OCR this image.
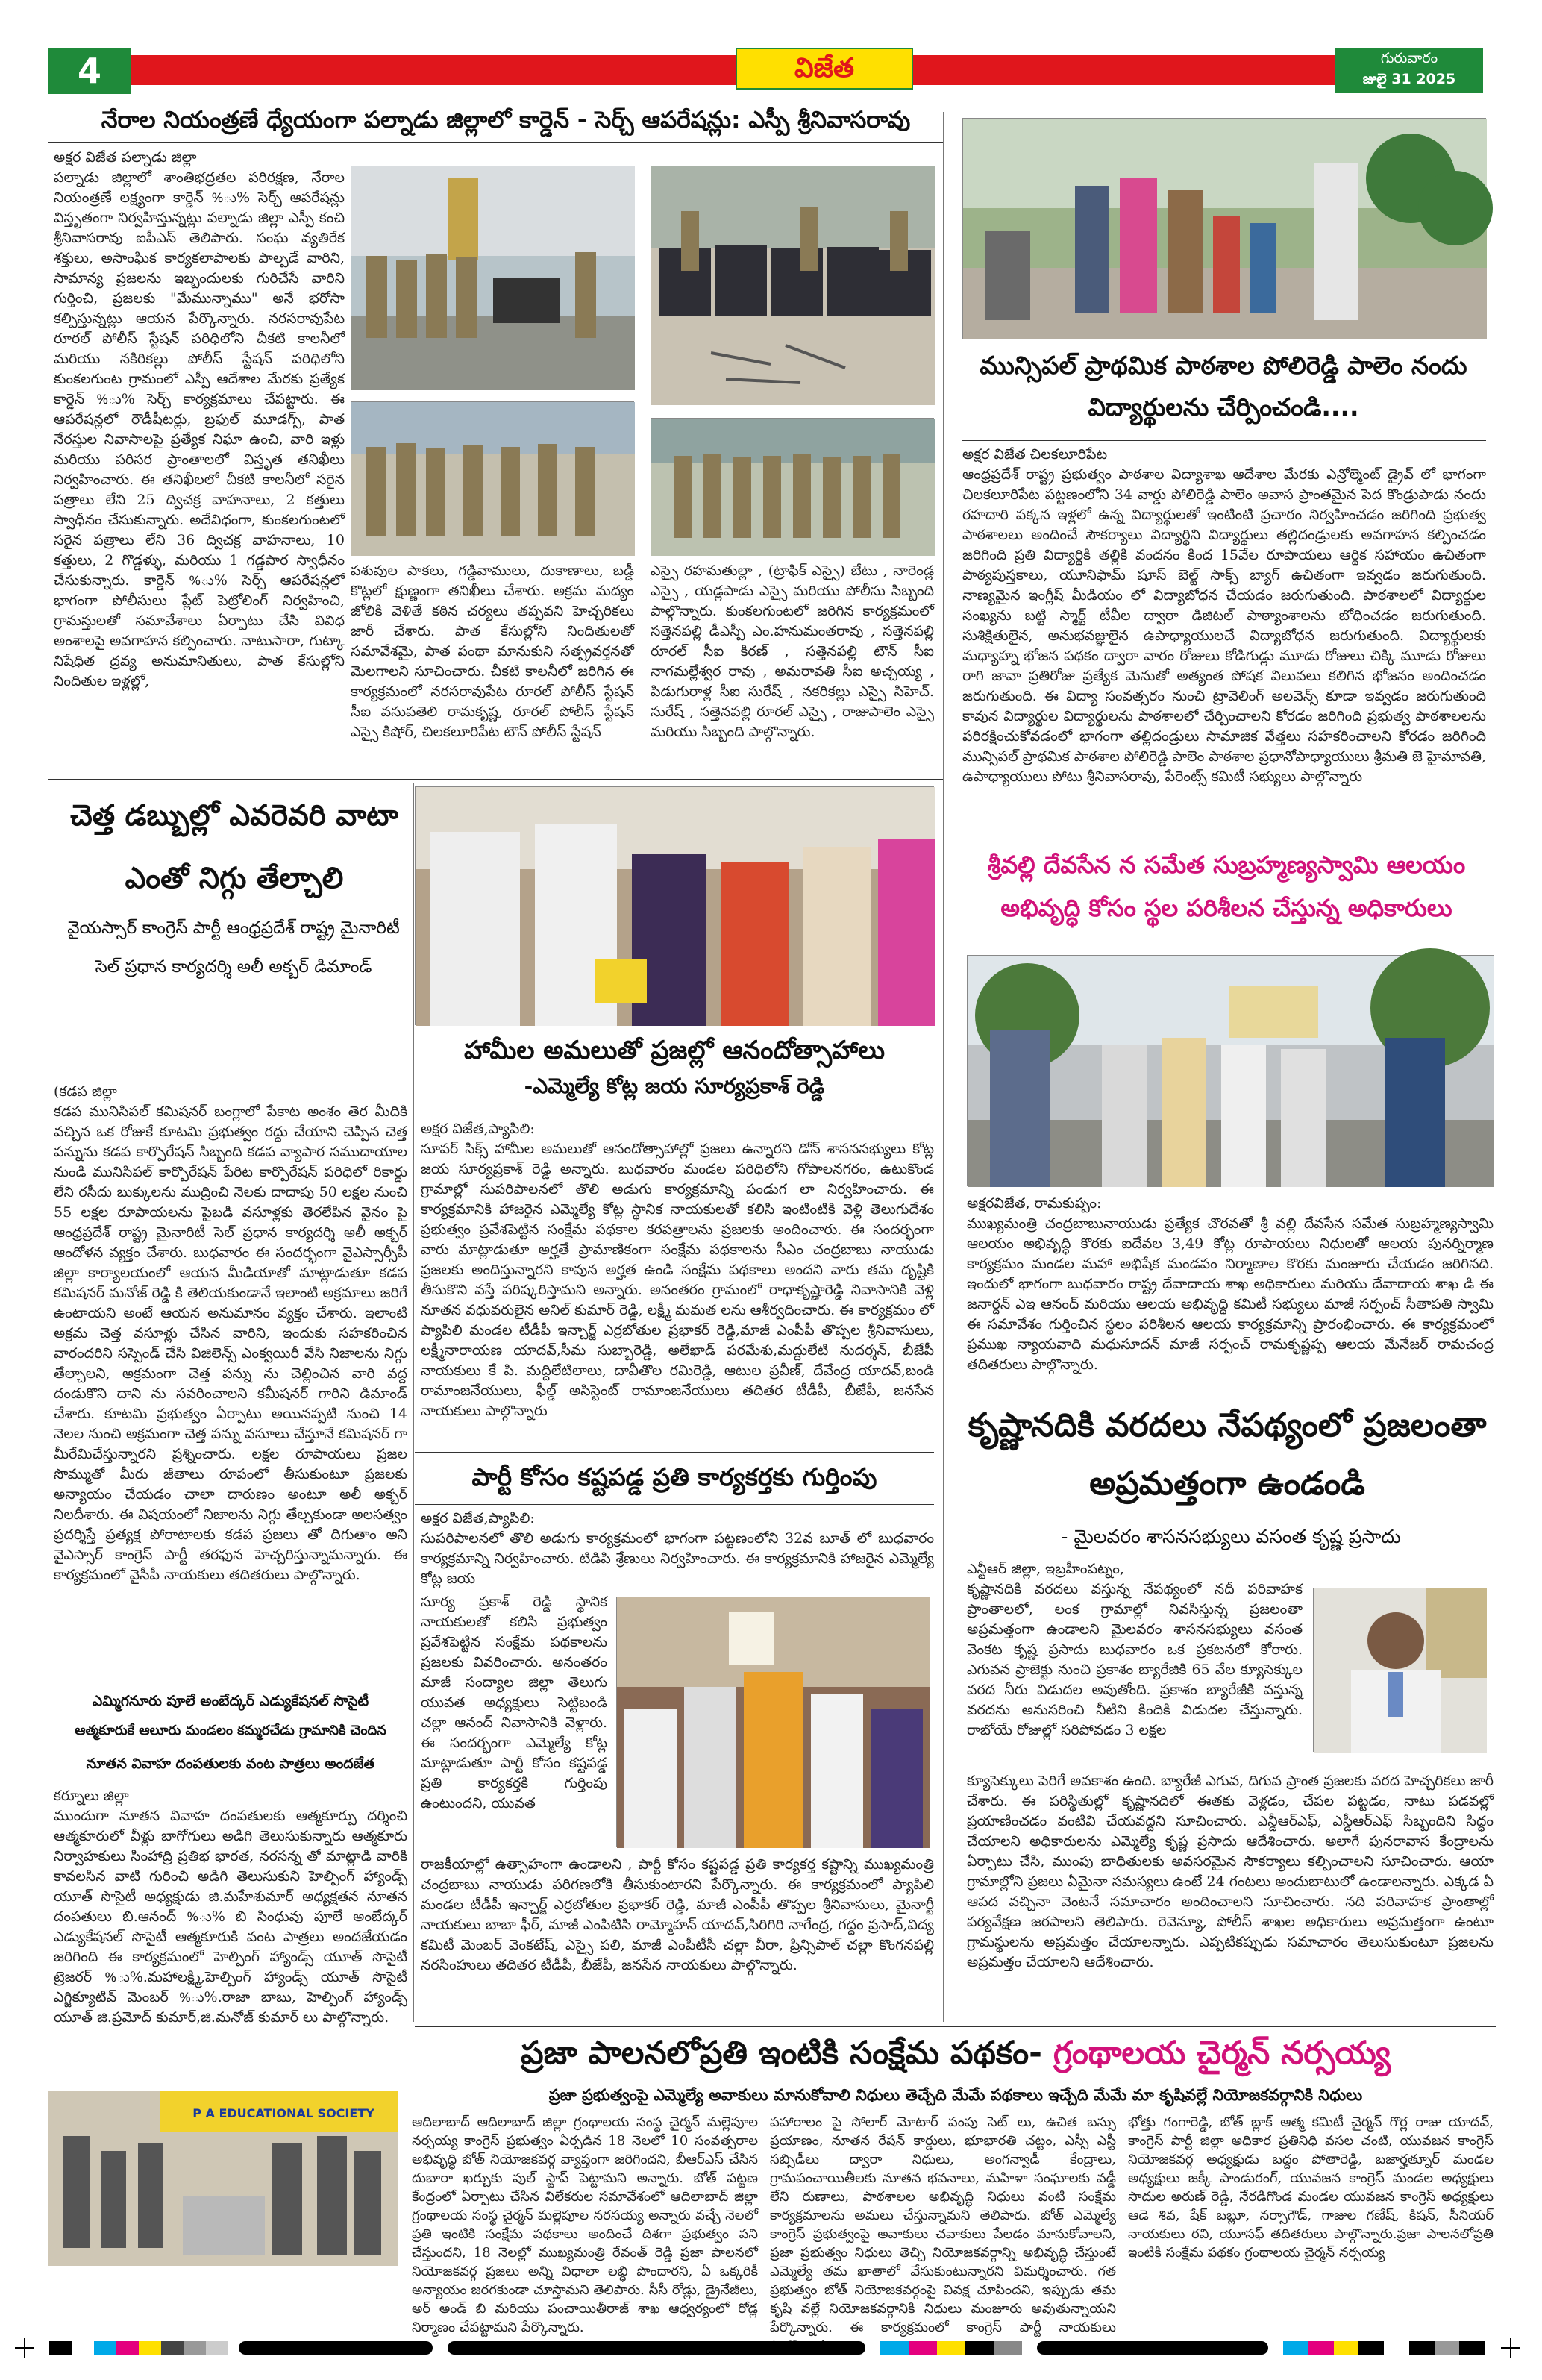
4	విజేత	గురువారం
జులై 31 2025
నేరాల నియంత్రణే ధ్యేయంగా పల్నాడు జిల్లాలో కార్డెన్ - సెర్చ్ ఆపరేషన్లు: ఎస్పీ శ్రీనివాసరావు
అక్షర విజేత పల్నాడు జిల్లా
పల్నాడు జిల్లాలో శాంతిభద్రతల పరిరక్షణ, నేరాల నియంత్రణే లక్ష్యంగా కార్డెన్ %ు% సెర్చ్ ఆపరేషన్లు విస్తృతంగా నిర్వహిస్తున్నట్లు పల్నాడు జిల్లా ఎస్పీ కంచి శ్రీనివాసరావు ఐపీఎస్ తెలిపారు. సంఘ వ్యతిరేక శక్తులు, అసాంఘిక కార్యకలాపాలకు పాల్పడే వారిని, సామాన్య ప్రజలను ఇబ్బందులకు గురిచేసే వారిని గుర్తించి, ప్రజలకు "మేమున్నాము" అనే భరోసా కల్పిస్తున్నట్లు ఆయన పేర్కొన్నారు. నరసరావుపేట రూరల్ పోలీస్ స్టేషన్ పరిధిలోని చీకటి కాలనీలో మరియు నకిరికల్లు పోలీస్ స్టేషన్ పరిధిలోని కుంకలగుంట గ్రామంలో ఎస్పీ ఆదేశాల మేరకు ప్రత్యేక కార్డెన్ %ు% సెర్చ్ కార్యక్రమాలు చేపట్టారు. ఈ ఆపరేషన్లలో రౌడీషీటర్లు, బ్రఫుల్ మూడగ్స్, పాత నేరస్తుల నివాసాలపై ప్రత్యేక నిఘా ఉంచి, వారి ఇళ్లు మరియు పరిసర ప్రాంతాలలో విస్తృత తనిఖీలు నిర్వహించారు. ఈ తనిఖీలలో చీకటి కాలనీలో సరైన పత్రాలు లేని 25 ద్విచక్ర వాహనాలు, 2 కత్తులు స్వాధీనం చేసుకున్నారు. అదేవిధంగా, కుంకలగుంటలో సరైన పత్రాలు లేని 36 ద్విచక్ర వాహనాలు, 10 కత్తులు, 2 గొడ్డళ్ళు, మరియు 1 గడ్డపార స్వాధీనం చేసుకున్నారు. కార్డెన్ %ు% సెర్చ్ ఆపరేషన్లలో భాగంగా పోలీసులు ప్లేట్ పెట్రోలింగ్ నిర్వహించి, గ్రామస్తులతో సమావేశాలు ఏర్పాటు చేసి వివిధ అంశాలపై అవగాహన కల్పించారు. నాటుసారా, గుట్కా నిషేధిత ద్రవ్య అనుమానితులు, పాత కేసుల్లోని నిందితుల ఇళ్లల్లో,
పశువుల పాకలు, గడ్డివాములు, దుకాణాలు, బడ్డీ కొట్లలో క్షుణ్ణంగా తనిఖీలు చేశారు. అక్రమ మద్యం జోలికి వెళితే కఠిన చర్యలు తప్పవని హెచ్చరికలు జారీ చేశారు. పాత కేసుల్లోని నిందితులతో సమావేశమై, పాత పంథా మానుకుని సత్ప్రవర్తనతో మెలగాలని సూచించారు. చీకటి కాలనీలో జరిగిన ఈ కార్యక్రమంలో నరసరావుపేట రూరల్ పోలీస్ స్టేషన్ సీఐ వసుపతెలి రామకృష్ణ, రూరల్ పోలీస్ స్టేషన్ ఎస్సై కిషోర్, చిలకలూరిపేట టౌన్ పోలీస్ స్టేషన్
ఎస్సై రహమతుల్లా , (ట్రాఫిక్ ఎస్సై) బేటు , నారెండ్ల ఎస్సై , యడ్లపాడు ఎస్సై మరియు పోలీసు సిబ్బంది పాల్గొన్నారు. కుంకలగుంటలో జరిగిన కార్యక్రమంలో సత్తెనపల్లి డీఎస్పీ ఎం.హనుమంతరావు , సత్తెనపల్లి రూరల్ సీఐ కిరణ్ , సత్తెనపల్లి టౌన్ సీఐ నాగమల్లేశ్వర రావు , అమరావతి సీఐ అచ్చయ్య , పిడుగురాళ్ల సీఐ సురేష్ , నకరికల్లు ఎస్సై సిహెచ్. సురేష్ , సత్తెనపల్లి రూరల్ ఎస్సై , రాజుపాలెం ఎస్సై మరియు సిబ్బంది పాల్గొన్నారు.
మున్సిపల్ ప్రాథమిక పాఠశాల పోలిరెడ్డి పాలెం నందు విద్యార్థులను చేర్పించండి....
అక్షర విజేత చిలకలూరిపేట
ఆంధ్రప్రదేశ్ రాష్ట్ర ప్రభుత్వం పాఠశాల విద్యాశాఖ ఆదేశాల మేరకు ఎన్రోల్మెంట్ డ్రైవ్ లో భాగంగా చిలకలూరిపేట పట్టణంలోని 34 వార్డు పోలిరెడ్డి పాలెం అవాస ప్రాంతమైన పెద కొండ్రుపాడు నందు రహదారి పక్కన ఇళ్లలో ఉన్న విద్యార్థులతో ఇంటింటి ప్రచారం నిర్వహించడం జరిగింది ప్రభుత్వ పాఠశాలలు అందించే సౌకర్యాలు విద్యార్థిని విద్యార్థులు తల్లిదండ్రులకు అవగాహన కల్పించడం జరిగింది ప్రతి విద్యార్థికి తల్లికి వందనం కింద 15వేల రూపాయలు ఆర్థిక సహాయం ఉచితంగా పాఠ్యపుస్తకాలు, యూనిఫామ్ షూస్ బెల్ట్ సాక్స్ బ్యాగ్ ఉచితంగా ఇవ్వడం జరుగుతుంది. నాణ్యమైన ఇంగ్లీష్ మీడియం లో విద్యాబోధన చేయడం జరుగుతుంది. పాఠశాలలో విద్యార్థుల సంఖ్యను బట్టి స్మార్ట్ టీవీల ద్వారా డిజిటల్ పాఠ్యాంశాలను బోధించడం జరుగుతుంది. సుశిక్షితులైన, అనుభవజ్ఞులైన ఉపాధ్యాయులచే విద్యాబోధన జరుగుతుంది. విద్యార్థులకు మధ్యాహ్న భోజన పథకం ద్వారా వారం రోజులు కోడిగుడ్లు మూడు రోజులు చిక్కి మూడు రోజులు రాగి జావా ప్రతిరోజు ప్రత్యేక మెనుతో అత్యంత పోషక విలువలు కలిగిన భోజనం అందించడం జరుగుతుంది. ఈ విద్యా సంవత్సరం నుంచి ట్రావెలింగ్ అలవెన్స్ కూడా ఇవ్వడం జరుగుతుంది కావున విద్యార్థుల విద్యార్థులను పాఠశాలలో చేర్పించాలని కోరడం జరిగింది ప్రభుత్వ పాఠశాలలను పరిరక్షించుకోవడంలో భాగంగా తల్లిదండ్రులు సామాజిక వేత్తలు సహకరించాలని కోరడం జరిగింది మున్సిపల్ ప్రాథమిక పాఠశాల పోలిరెడ్డి పాలెం పాఠశాల ప్రధానోపాధ్యాయులు శ్రీమతి జె హైమావతి, ఉపాధ్యాయులు పోటు శ్రీనివాసరావు, పేరెంట్స్ కమిటీ సభ్యులు పాల్గొన్నారు
చెత్త డబ్బుల్లో ఎవరెవరి వాటా ఎంతో నిగ్గు తేల్చాలి
వైయస్సార్ కాంగ్రెస్ పార్టీ ఆంధ్రప్రదేశ్ రాష్ట్ర మైనారిటీ సెల్ ప్రధాన కార్యదర్శి అలీ అక్బర్ డిమాండ్
(కడప జిల్లా
కడప మునిసిపల్ కమిషనర్ బంగ్లాలో పేకాట అంశం తెర మీదికి వచ్చిన ఒక రోజుకే కూటమి ప్రభుత్వం రద్దు చేయాని చెప్పిన చెత్త పన్నును కడప కార్పొరేషన్ సిబ్బంది కడప వ్యాపార సముదాయాల నుండి మునిసిపల్ కార్పొరేషన్ పేరిట కార్పొరేషన్ పరిధిలో రికార్డు లేని రసీదు బుక్కులను ముద్రించి నెలకు దాదాపు 50 లక్షల నుంచి 55 లక్షల రూపాయలను పైబడి వసూళ్లకు తెరలేపిన వైనం పై ఆంధ్రప్రదేశ్ రాష్ట్ర మైనారిటీ సెల్ ప్రధాన కార్యదర్శి అలీ అక్బర్ ఆందోళన వ్యక్తం చేశారు. బుధవారం ఈ సందర్భంగా వైఎస్సార్సీపీ జిల్లా కార్యాలయంలో ఆయన మీడియాతో మాట్లాడుతూ కడప కమిషనర్ మనోజ్ రెడ్డి కి తెలియకుండానే ఇలాంటి అక్రమాలు జరిగే ఉంటాయని అంటే ఆయన అనుమానం వ్యక్తం చేశారు. ఇలాంటి అక్రమ చెత్త వసూళ్లు చేసిన వారిని, ఇందుకు సహకరించిన వారందరిని సస్పెండ్ చేసి విజిలెన్స్ ఎంక్వయిరీ వేసి నిజాలను నిగ్గు తేల్చాలని, అక్రమంగా చెత్త పన్ను ను చెల్లించిన వారి వద్ద దండుకొని దాని ను సవరించాలని కమీషనర్ గారిని డిమాండ్ చేశారు. కూటమి ప్రభుత్వం ఏర్పాటు అయినప్పటి నుంచి 14 నెలల నుంచి అక్రమంగా చెత్త పన్ను వసూలు చేస్తూనే కమిషనర్ గా మీరేమిచేస్తున్నారని ప్రశ్నించారు. లక్షల రూపాయలు ప్రజల సొమ్ముతో మీరు జీతాలు రూపంలో తీసుకుంటూ ప్రజలకు అన్యాయం చేయడం చాలా దారుణం అంటూ అలీ అక్బర్ నిలదీశారు. ఈ విషయంలో నిజాలను నిగ్గు తేల్చకుండా అలసత్వం ప్రదర్శిస్తే ప్రత్యక్ష పోరాటాలకు కడప ప్రజలు తో దిగుతాం అని వైఎస్సార్ కాంగ్రెస్ పార్టీ తరఫున హెచ్చరిస్తున్నామన్నారు. ఈ కార్యక్రమంలో వైసీపీ నాయకులు తదితరులు పాల్గొన్నారు.
ఎమ్మిగనూరు పూలే అంబేద్కర్ ఎడ్యుకేషనల్ సొసైటీ
ఆత్మకూరుకే ఆలూరు మండలం కమ్మరచేడు గ్రామానికి చెందిన
నూతన వివాహ దంపతులకు వంట పాత్రలు అందజేత
కర్నూలు జిల్లా
ముందుగా నూతన వివాహ దంపతులకు ఆత్మకూర్పు దర్శించి ఆత్మకూరులో వీళ్లు బాగోగులు అడిగి తెలుసుకున్నారు ఆత్మకూరు నిర్వాహకులు సింహాద్రి ప్రతిభ భారత, నరసన్న తో మాట్లాడి వారికి కావలసిన వాటి గురించి అడిగి తెలుసుకుని హెల్పింగ్ హ్యాండ్స్ యూత్ సొసైటీ అధ్యక్షుడు జి.మహేశుమార్ అధ్యక్షతన నూతన దంపతులు బి.ఆనంద్ %ు% బి సింధువు పూలే అంబేద్కర్ ఎడ్యుకేషనల్ సొసైటీ ఆత్మకూరుకి వంట పాత్రలు అందజేయడం జరిగింది ఈ కార్యక్రమంలో హెల్పింగ్ హ్యాండ్స్ యూత్ సొసైటీ ట్రెజరర్ %ు%.మహాలక్ష్మి,హెల్పింగ్ హ్యాండ్స్ యూత్ సొసైటీ ఎగ్జిక్యూటివ్ మెంబర్ %ు%.రాజా బాబు, హెల్పింగ్ హ్యాండ్స్ యూత్ జి.ప్రమోద్ కుమార్,జి.మనోజ్ కుమార్ లు పాల్గొన్నారు.
P A EDUCATIONAL SOCIETY
హామీల అమలుతో ప్రజల్లో ఆనందోత్సాహాలు
-ఎమ్మెల్యే కోట్ల జయ సూర్యప్రకాశ్ రెడ్డి
అక్షర విజేత,ప్యాపిలి:
సూపర్ సిక్స్ హామీల అమలుతో ఆనందోత్సాహాల్లో ప్రజలు ఉన్నారని డోన్ శాసనసభ్యులు కోట్ల జయ సూర్యప్రకాశ్ రెడ్డి అన్నారు. బుధవారం మండల పరిధిలోని గోపాలనగరం, ఉటుకొండ గ్రామాల్లో సుపరిపాలనలో తొలి అడుగు కార్యక్రమాన్ని పండుగ లా నిర్వహించారు. ఈ కార్యక్రమానికి హాజరైన ఎమ్మెల్యే కోట్ల స్థానిక నాయకులతో కలిసి ఇంటింటికి వెళ్లి తెలుగుదేశం ప్రభుత్వం ప్రవేశపెట్టిన సంక్షేమ పథకాల కరపత్రాలను ప్రజలకు అందించారు. ఈ సందర్భంగా వారు మాట్లాడుతూ అర్హతే ప్రామాణికంగా సంక్షేమ పథకాలను సీఎం చంద్రబాబు నాయుడు ప్రజలకు అందిస్తున్నారని కావున అర్హత ఉండి సంక్షేమ పథకాలు అందని వారు తమ దృష్టికి తీసుకొని వస్తే పరిష్కరిస్తామని అన్నారు. అనంతరం గ్రామంలో రాధాకృష్ణారెడ్డి నివాసానికి వెళ్లి నూతన వధువరులైన అనిల్ కుమార్ రెడ్డి, లక్ష్మీ మమత లను ఆశీర్వదించారు. ఈ కార్యక్రమం లో ప్యాపిలి మండల టీడీపీ ఇన్చార్జ్ ఎర్రబోతుల ప్రభాకర్ రెడ్డి,మాజీ ఎంపీపీ తొప్పల శ్రీనివాసులు, లక్ష్మీనారాయణ యాదవ్,సీమ సుబ్బారెడ్డి, అలేఖాడ్ పరమేశు,మద్దులేటి నుదర్శన్, బీజేపీ నాయకులు కే పి. మద్దిలేటిలాలు, దావీతొల రమిరెడ్డి, ఆటుల ప్రవీణ్, దేవేంద్ర యాదవ్,బండి రామాంజనేయులు, ఫీల్డ్ అసిస్టెంట్ రామాంజనేయులు తదితర టీడీపీ, బీజేపీ, జనసేన నాయకులు పాల్గొన్నారు
పార్టీ కోసం కష్టపడ్డ ప్రతి కార్యకర్తకు గుర్తింపు
అక్షర విజేత,ప్యాపిలి:
సుపరిపాలనలో తొలి అడుగు కార్యక్రమంలో భాగంగా పట్టణంలోని 32వ బూత్ లో బుధవారం కార్యక్రమాన్ని నిర్వహించారు. టిడిపి శ్రేణులు నిర్వహించారు. ఈ కార్యక్రమానికి హాజరైన ఎమ్మెల్యే కోట్ల జయ
సూర్య ప్రకాశ్ రెడ్డి స్థానిక నాయకులతో కలిసి ప్రభుత్వం ప్రవేశపెట్టిన సంక్షేమ పథకాలను ప్రజలకు వివరించారు. అనంతరం మాజీ సంద్యాల జిల్లా తెలుగు యువత అధ్యక్షులు సెట్టిబండి చల్లా ఆనంద్ నివాసానికి వెళ్లారు. ఈ సందర్భంగా ఎమ్మెల్యే కోట్ల మాట్లాడుతూ పార్టీ కోసం కష్టపడ్డ ప్రతి కార్యకర్తకి గుర్తింపు ఉంటుందని, యువత
రాజకీయాల్లో ఉత్సాహంగా ఉండాలని , పార్టీ కోసం కష్టపడ్డ ప్రతి కార్యకర్త కష్టాన్ని ముఖ్యమంత్రి చంద్రబాబు నాయుడు పరిగణలోకి తీసుకుంటారని పేర్కొన్నారు. ఈ కార్యక్రమంలో ప్యాపిలి మండల టీడీపీ ఇన్చార్జ్ ఎర్రబోతుల ప్రభాకర్ రెడ్డి, మాజీ ఎంపీపీ తొప్పల శ్రీనివాసులు, మైనార్టీ నాయకులు బాబా ఫీర్, మాజీ ఎంపిటిసి రామ్మోహన్ యాదవ్,సిరిగిరి నాగేంద్ర, గద్దం ప్రసాద్,విద్య కమిటీ మెంబర్ వెంకటేష్, ఎస్సై పలి, మాజీ ఎంపీటీసీ చల్లా వీరా, ప్రిన్సిపాల్ చల్లా కొంగనపల్లి నరసింహులు తదితర టీడీపీ, బీజేపీ, జనసేన నాయకులు పాల్గొన్నారు.
శ్రీవల్లి దేవసేన న సమేత సుబ్రహ్మణ్యస్వామి ఆలయం అభివృద్ధి కోసం స్థల పరిశీలన చేస్తున్న అధికారులు
అక్షరవిజేత, రామకుప్పం:
ముఖ్యమంత్రి చంద్రబాబునాయుడు ప్రత్యేక చొరవతో శ్రీ వల్లి దేవసేన సమేత సుబ్రహ్మణ్యస్వామి ఆలయం అభివృద్ధి కొరకు ఐదేవల 3,49 కోట్ల రూపాయలు నిధులతో ఆలయ పునర్నిర్మాణ కార్యక్రమం మండల మహా అభిషేక మండపం నిర్మాణాల కొరకు మంజూరు చేయడం జరిగినది. ఇందులో భాగంగా బుధవారం రాష్ట్ర దేవాదాయ శాఖ అధికారులు మరియు దేవాదాయ శాఖ డి ఈ జనార్దన్ ఎఇ ఆనంద్ మరియు ఆలయ అభివృద్ధి కమిటీ సభ్యులు మాజీ సర్పంచ్ సీతాపతి స్వామి ఈ సమావేశం గుర్తించిన స్థలం పరిశీలన ఆలయ కార్యక్రమాన్ని ప్రారంభించారు. ఈ కార్యక్రమంలో ప్రముఖ న్యాయవాది మధుసూదన్ మాజీ సర్పంచ్ రామకృష్ణప్ప ఆలయ మేనేజర్ రామచంద్ర తదితరులు పాల్గొన్నారు.
కృష్ణానదికి వరదలు నేపథ్యంలో ప్రజలంతా అప్రమత్తంగా ఉండండి
- మైలవరం శాసనసభ్యులు వసంత కృష్ణ ప్రసాదు
ఎన్టీఆర్ జిల్లా, ఇబ్రహీంపట్నం,
కృష్ణానదికి వరదలు వస్తున్న నేపథ్యంలో నదీ పరివాహక ప్రాంతాలలో, లంక గ్రామాల్లో నివసిస్తున్న ప్రజలంతా అప్రమత్తంగా ఉండాలని మైలవరం శాసనసభ్యులు వసంత వెంకట కృష్ణ ప్రసాదు బుధవారం ఒక ప్రకటనలో కోరారు. ఎగువన ప్రాజెక్టు నుంచి ప్రకాశం బ్యారేజికి 65 వేల క్యూసెక్కుల వరద నీరు విడుదల అవుతోంది. ప్రకాశం బ్యారేజీకి వస్తున్న వరదను అనుసరించి నీటిని కిందికి విడుదల చేస్తున్నారు. రాబోయే రోజుల్లో సరిపోవడం 3 లక్షల
క్యూసెక్కులు పెరిగే అవకాశం ఉంది. బ్యారేజీ ఎగువ, దిగువ ప్రాంత ప్రజలకు వరద హెచ్చరికలు జారీ చేశారు. ఈ పరిస్థితుల్లో కృష్ణానదిలో ఈతకు వెళ్లడం, చేపల పట్టడం, నాటు పడవల్లో ప్రయాణించడం వంటివి చేయవద్దని సూచించారు. ఎన్డీఆర్ఎఫ్, ఎస్డీఆర్ఎఫ్ సిబ్బందిని సిద్ధం చేయాలని అధికారులను ఎమ్మెల్యే కృష్ణ ప్రసాదు ఆదేశించారు. అలాగే పునరావాస కేంద్రాలను ఏర్పాటు చేసి, ముంపు బాధితులకు అవసరమైన సౌకర్యాలు కల్పించాలని సూచించారు. ఆయా గ్రామాల్లోని ప్రజలు ఏమైనా సమస్యలు ఉంటే 24 గంటలు అందుబాటులో ఉండాలన్నారు. ఎక్కడ ఏ ఆపద వచ్చినా వెంటనే సమాచారం అందించాలని సూచించారు. నది పరివాహక ప్రాంతాల్లో పర్యవేక్షణ జరపాలని తెలిపారు. రెవెన్యూ, పోలీస్ శాఖల అధికారులు అప్రమత్తంగా ఉంటూ గ్రామస్థులను అప్రమత్తం చేయాలన్నారు. ఎప్పటికప్పుడు సమాచారం తెలుసుకుంటూ ప్రజలను అప్రమత్తం చేయాలని ఆదేశించారు.
ప్రజా పాలనలోప్రతి ఇంటికి సంక్షేమ పథకం- గ్రంథాలయ చైర్మన్ నర్సయ్య
ప్రజా ప్రభుత్వంపై ఎమ్మెల్యే అవాకులు మానుకోవాలి నిధులు తెచ్చేది మేమే పథకాలు ఇచ్చేది మేమే మా కృషివల్లే నియోజకవర్గానికి నిధులు
ఆదిలాబాద్ ఆదిలాబాద్ జిల్లా గ్రంథాలయ సంస్థ చైర్మన్ మల్లెపూల నర్సయ్య కాంగ్రెస్ ప్రభుత్వం ఏర్పడిన 18 నెలలో 10 సంవత్సరాల అభివృద్ధి బోత్ నియోజకవర్గ వ్యాప్తంగా జరిగిందని, బీఆర్ఎస్ చేసిన దుబారా ఖర్చుకు పుల్ స్టాప్ పెట్టామని అన్నారు. బోత్ పట్టణ కేంద్రంలో ఏర్పాటు చేసిన విలేకరుల సమావేశంలో ఆదిలాబాద్ జిల్లా గ్రంథాలయ సంస్థ చైర్మన్ మల్లెపూల నరసయ్య అన్నారు వచ్చే నెలలో ప్రతి ఇంటికి సంక్షేమ పథకాలు అందించే దిశగా ప్రభుత్వం పని చేస్తుందని, 18 నెలల్లో ముఖ్యమంత్రి రేవంత్ రెడ్డి ప్రజా పాలనలో నియోజకవర్గ ప్రజలు అన్ని విధాలా లబ్ధి పొందారని, ఏ ఒక్కరికీ అన్యాయం జరగకుండా చూస్తామని తెలిపారు. సీసీ రోడ్లు, డ్రైనేజీలు, అర్ అండ్ బి మరియు పంచాయితీరాజ్ శాఖ ఆధ్వర్యంలో రోడ్ల నిర్మాణం చేపట్టామని పేర్కొన్నారు.
పహారాలం పై సోలార్ మోటార్ పంపు సెట్ లు, ఉచిత బస్సు ప్రయాణం, నూతన రేషన్ కార్డులు, భూభారతి చట్టం, ఎస్సీ ఎస్టీ సబ్సిడీలు ద్వారా నిధులు, అంగన్వాడీ కేంద్రాలు, గ్రామపంచాయితీలకు నూతన భవనాలు, మహిళా సంఘాలకు వడ్డీ లేని రుణాలు, పాఠశాలల అభివృద్ధి నిధులు వంటి సంక్షేమ కార్యక్రమాలను అమలు చేస్తున్నామని తెలిపారు. బోత్ ఎమ్మెల్యే కాంగ్రెస్ ప్రభుత్వంపై అవాకులు చవాకులు పేలడం మానుకోవాలని, ప్రజా ప్రభుత్వం నిధులు తెచ్చి నియోజకవర్గాన్ని అభివృద్ధి చేస్తుంటే ఎమ్మెల్యే తమ ఖాతాలో వేసుకుంటున్నారని విమర్శించారు. గత ప్రభుత్వం బోత్ నియోజకవర్గంపై వివక్ష చూపిందని, ఇప్పుడు తమ కృషి వల్లే నియోజకవర్గానికి నిధులు మంజూరు అవుతున్నాయని పేర్కొన్నారు. ఈ కార్యక్రమంలో కాంగ్రెస్ పార్టీ నాయకులు
భోత్తు గంగారెడ్డి, బోత్ బ్లాక్ ఆత్మ కమిటీ చైర్మన్ గొర్ల రాజు యాదవ్, కాంగ్రెస్ పార్టీ జిల్లా అధికార ప్రతినిధి వసల చంటి, యువజన కాంగ్రెస్ నియోజకవర్గ అధ్యక్షుడు బద్దం పోతారెడ్డి, బజార్హత్నూర్ మండల అధ్యక్షులు జక్కీ పాండురంగ్, యువజన కాంగ్రెస్ మండల అధ్యక్షులు సాదుల అరుణ్ రెడ్డి, నేరడిగొండ మండల యువజన కాంగ్రెస్ అధ్యక్షులు ఆడె శివ, షేక్ బబ్లూ, నర్సాగౌడ్, గాజుల గణేష్, కిషన్, సీనియర్ నాయకులు రవి, యూసఫ్ తదితరులు పాల్గొన్నారు.ప్రజా పాలనలోప్రతి ఇంటికి సంక్షేమ పథకం గ్రంథాలయ చైర్మన్ నర్సయ్య
